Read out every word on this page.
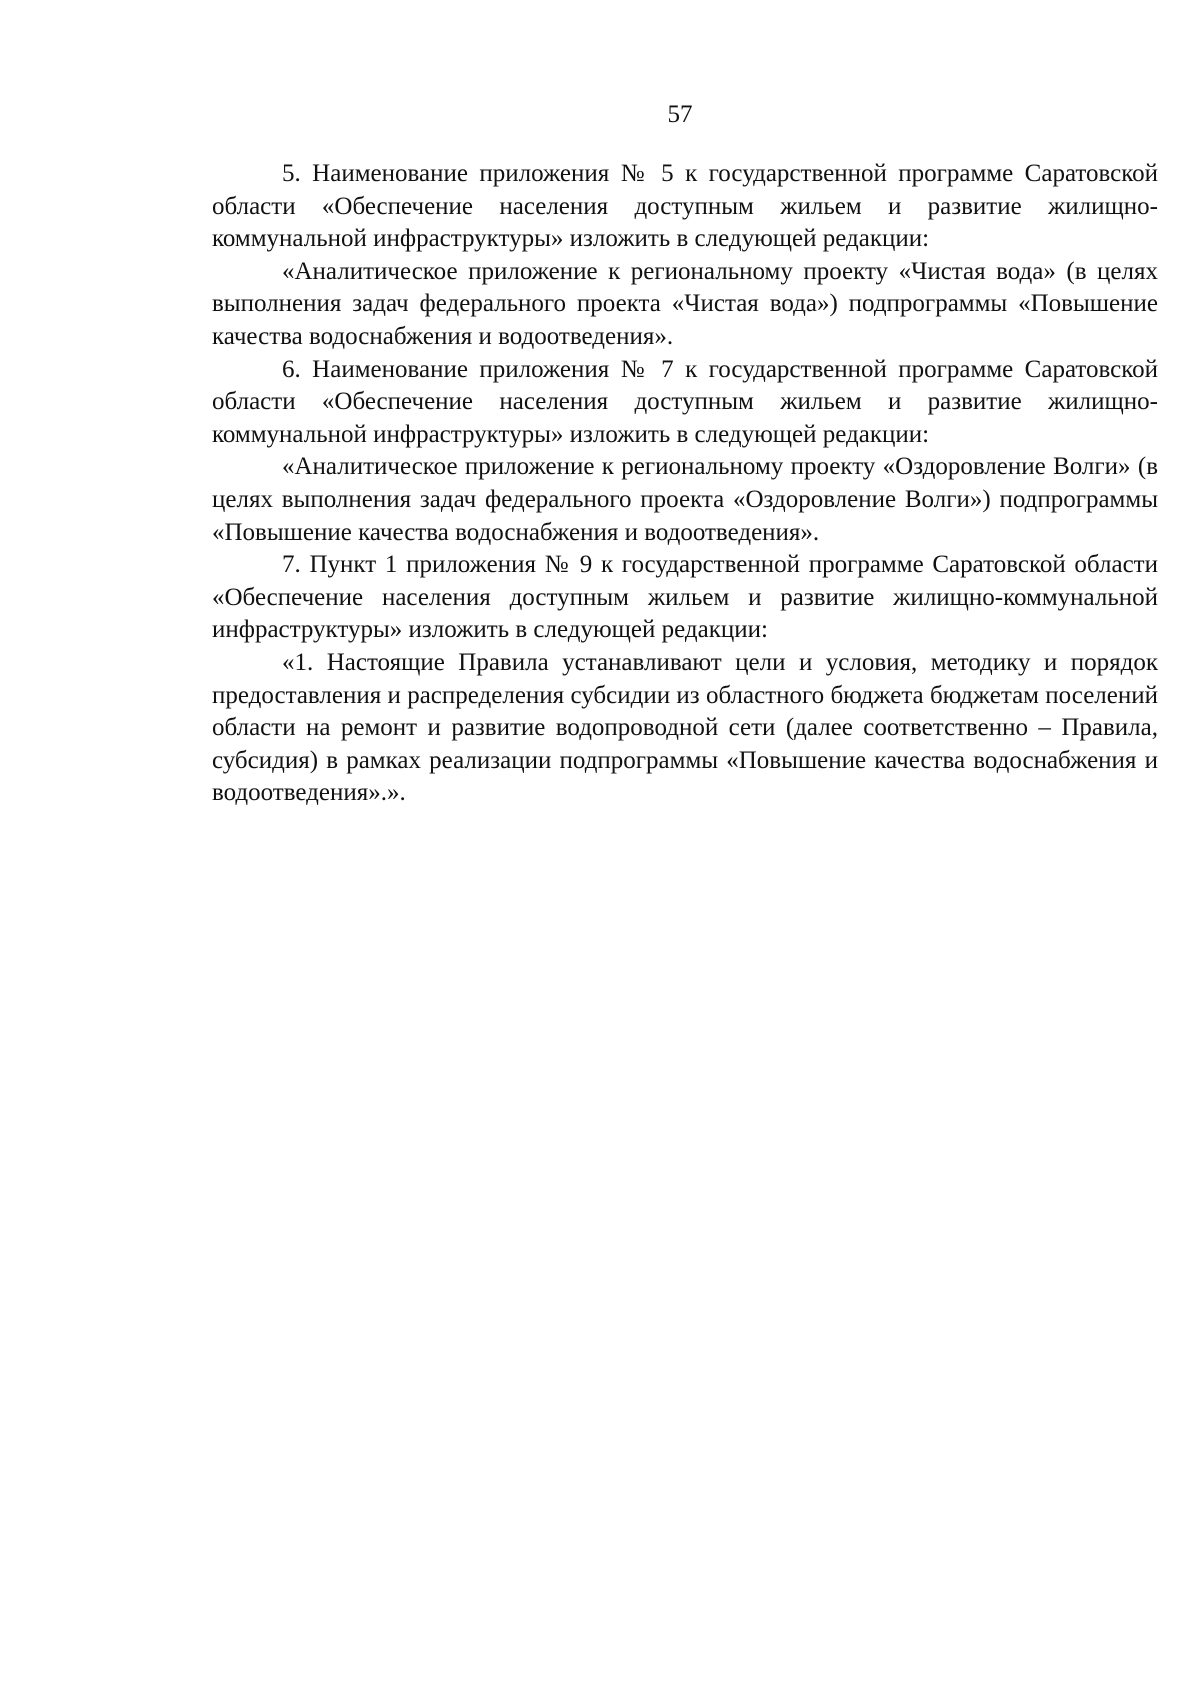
57

5. Наименование приложения № 5 к государственной программе Саратовской области «Обеспечение населения доступным жильем и развитие жилищно-коммунальной инфраструктуры» изложить в следующей редакции:

«Аналитическое приложение к региональному проекту «Чистая вода» (в целях выполнения задач федерального проекта «Чистая вода») подпрограммы «Повышение качества водоснабжения и водоотведения».

6. Наименование приложения № 7 к государственной программе Саратовской области «Обеспечение населения доступным жильем и развитие жилищно-коммунальной инфраструктуры» изложить в следующей редакции:

«Аналитическое приложение к региональному проекту «Оздоровление Волги» (в целях выполнения задач федерального проекта «Оздоровление Волги») подпрограммы «Повышение качества водоснабжения и водоотведения».

7. Пункт 1 приложения № 9 к государственной программе Саратовской области «Обеспечение населения доступным жильем и развитие жилищно-коммунальной инфраструктуры» изложить в следующей редакции:

«1. Настоящие Правила устанавливают цели и условия, методику и порядок предоставления и распределения субсидии из областного бюджета бюджетам поселений области на ремонт и развитие водопроводной сети (далее соответственно – Правила, субсидия) в рамках реализации подпрограммы «Повышение качества водоснабжения и водоотведения».».
